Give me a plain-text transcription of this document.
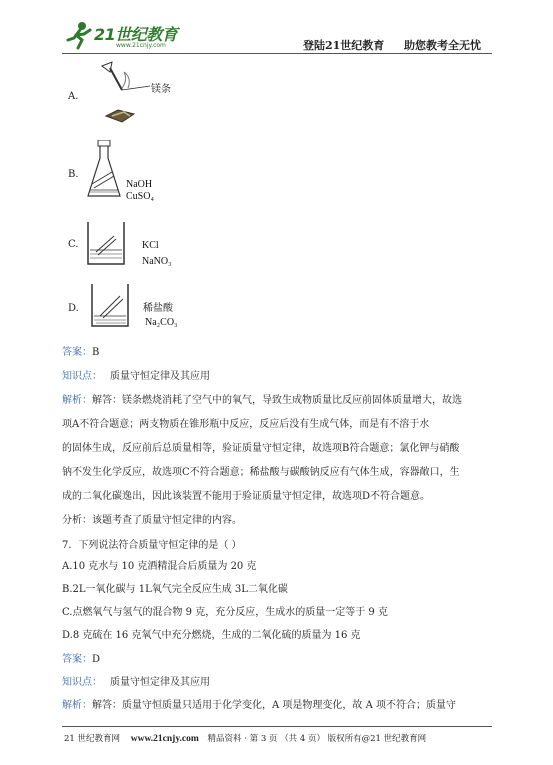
21世纪教育
www.21cnjy.com	登陆21世纪教育 助您教考全无忧
A.
镁条
B.
NaOH
CuSO₄
C.	KCl
NaNO₃
D.	稀盐酸
Na₂CO₃
答案：B
知识点： 质量守恒定律及其应用
解析：解答：镁条燃烧消耗了空气中的氧气，导致生成物质量比反应前固体质量增大，故选
项A不符合题意；两支物质在锥形瓶中反应，反应后没有生成气体，而是有不溶于水
的固体生成，反应前后总质量相等，验证质量守恒定律，故选项B符合题意；氯化钾与硝酸
钠不发生化学反应，故选项C不符合题意；稀盐酸与碳酸钠反应有气体生成，容器敞口，生
成的二氧化碳逸出，因此该装置不能用于验证质量守恒定律，故选项D不符合题意。
分析：该题考查了质量守恒定律的内容。
7．下列说法符合质量守恒定律的是（ ）
A.10 克水与 10 克酒精混合后质量为 20 克
B.2L一氧化碳与 1L氧气完全反应生成 3L二氧化碳
C.点燃氧气与氢气的混合物 9 克，充分反应，生成水的质量一定等于 9 克
D.8 克硫在 16 克氧气中充分燃烧，生成的二氧化硫的质量为 16 克
答案：D
知识点： 质量守恒定律及其应用
解析：解答：质量守恒质量只适用于化学变化，A 项是物理变化，故 A 项不符合；质量守
21 世纪教育网 www.21cnjy.com 精品资料 · 第 3 页 （共 4 页） 版权所有@21 世纪教育网
